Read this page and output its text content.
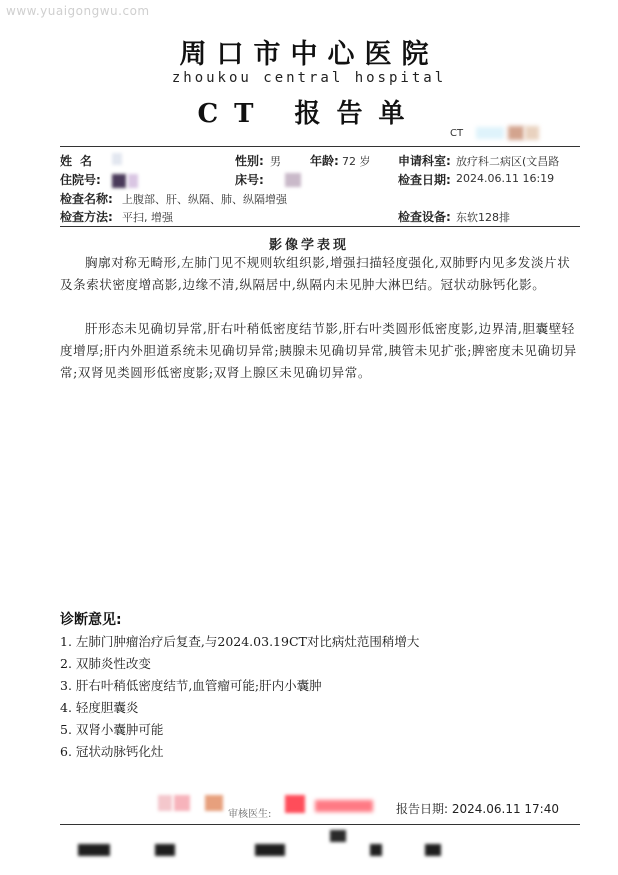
www.yuaigongwu.com
周口市中心医院
zhoukou central hospital
CT 报告单
CT
姓名	性别: 男 年龄: 72 岁 申请科室: 放疗科二病区(文昌路
住院号:	床号:	检查日期: 2024.06.11 16:19
检查名称: 上腹部、肝、纵隔、肺、纵隔增强
检查方法: 平扫, 增强	检查设备: 东软128排
影像学表现
胸廓对称无畸形,左肺门见不规则软组织影,增强扫描轻度强化,双肺野内见多发淡片状及条索状密度增高影,边缘不清,纵隔居中,纵隔内未见肿大淋巴结。冠状动脉钙化影。
肝形态未见确切异常,肝右叶稍低密度结节影,肝右叶类圆形低密度影,边界清,胆囊壁轻度增厚;肝内外胆道系统未见确切异常;胰腺未见确切异常,胰管未见扩张;脾密度未见确切异常;双肾见类圆形低密度影;双肾上腺区未见确切异常。
诊断意见:
1. 左肺门肿瘤治疗后复查,与2024.03.19CT对比病灶范围稍增大
2. 双肺炎性改变
3. 肝右叶稍低密度结节,血管瘤可能;肝内小囊肿
4. 轻度胆囊炎
5. 双肾小囊肿可能
6. 冠状动脉钙化灶
审核医生:	报告日期: 2024.06.11 17:40
